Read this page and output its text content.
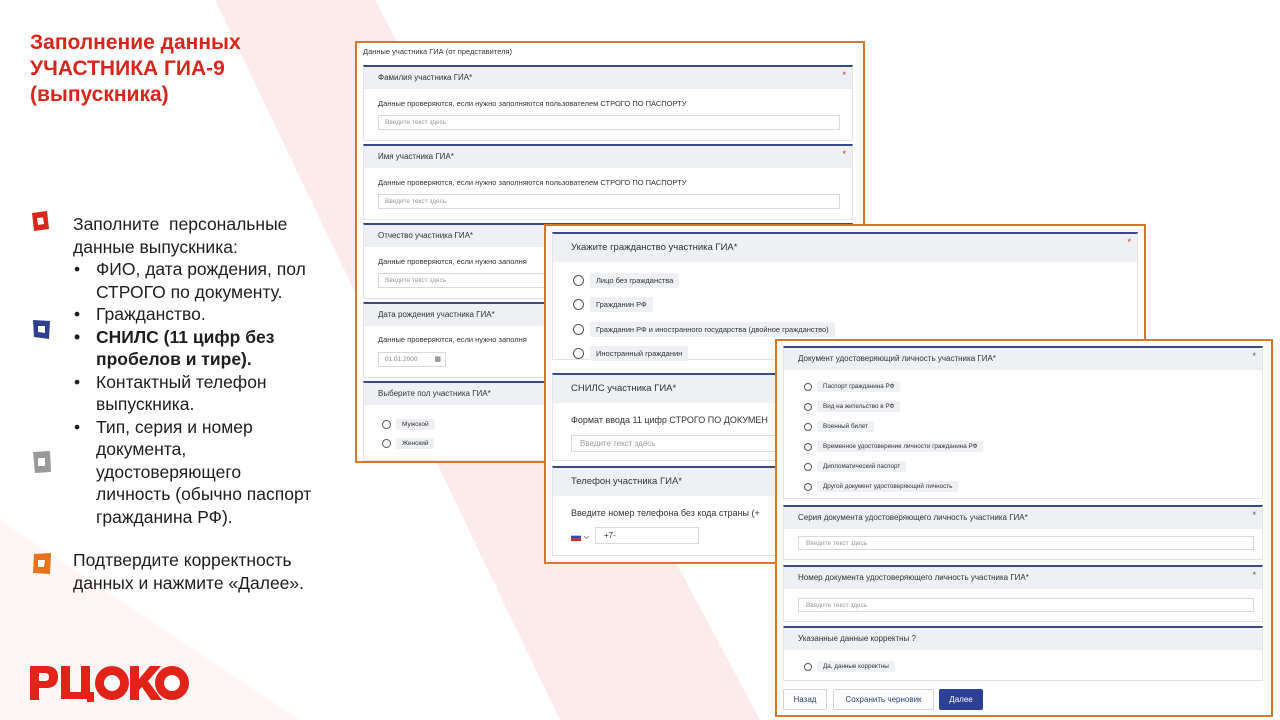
Заполнение данных
УЧАСТНИКА ГИА-9
(выпускника)
Заполните  персональные
данные выпускника:
• ФИО, дата рождения, пол
СТРОГО по документу.
• Гражданство.
• СНИЛС (11 цифр без
пробелов и тире).
• Контактный телефон
выпускника.
• Тип, серия и номер
документа,
удостоверяющего
личность (обычно паспорт
гражданина РФ).
Подтвердите корректность
данных и нажмите «Далее».
Данные участника ГИА (от представителя)
Фамилия участника ГИА*	*
Данные проверяются, если нужно заполняются пользователем СТРОГО ПО ПАСПОРТУ
Введите текст здесь
Имя участника ГИА*	*
Данные проверяются, если нужно заполняются пользователем СТРОГО ПО ПАСПОРТУ
Введите текст здесь
Отчество участника ГИА*
Данные проверяются, если нужно заполня
Введите текст здесь
Дата рождения участника ГИА*
Данные проверяются, если нужно заполня
01.01.2000 ▦
Выберите пол участника ГИА*
Мужской
Женский
Укажите гражданство участника ГИА*	*
Лицо без гражданства
Гражданин РФ
Гражданин РФ и иностранного государства (двойное гражданство)
Иностранный гражданин
СНИЛС участника ГИА*
Формат ввода 11 цифр СТРОГО ПО ДОКУМЕН
Введите текст здесь
Телефон участника ГИА*
Введите номер телефона без кода страны (+
+7-
Документ удостоверяющий личность участника ГИА*	*
Паспорт гражданина РФ
Вид на жительство в РФ
Военный билет
Временное удостоверение личности гражданина РФ
Дипломатический паспорт
Другой документ удостоверяющий личность
Серия документа удостоверяющего личность участника ГИА*	*
Введите текст здесь
Номер документа удостоверяющего личность участника ГИА*	*
Введите текст здесь
Указанные данные корректны ?
Да, данные корректны
Назад	Сохранить черновик	Далее
